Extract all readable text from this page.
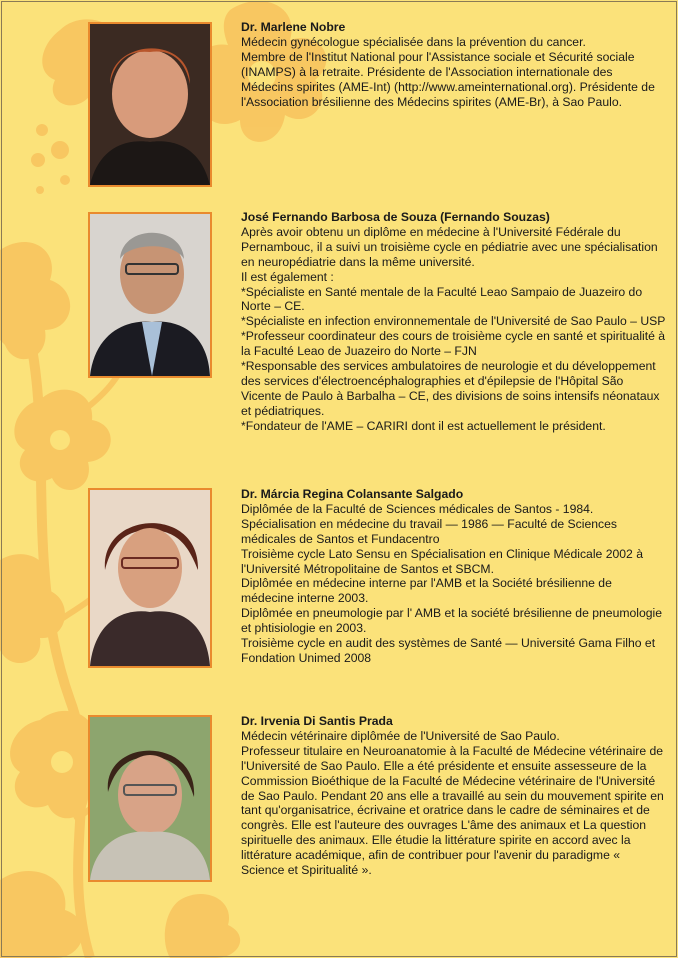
Dr. Marlene Nobre
Médecin gynécologue spécialisée dans la prévention du cancer.
Membre de l'Institut National pour l'Assistance sociale et Sécurité sociale (INAMPS) à la retraite. Présidente de l'Association internationale des Médecins spirites (AME-Int) (http://www.ameinternational.org). Présidente de l'Association brésilienne des Médecins spirites (AME-Br), à Sao Paulo.
José Fernando Barbosa de Souza (Fernando Souzas)
Après avoir obtenu un diplôme en médecine à l'Université Fédérale du Pernambouc, il a suivi un troisième cycle en pédiatrie avec une spécialisation en neuropédiatrie dans la même université.
Il est également :
*Spécialiste en Santé mentale de la Faculté Leao Sampaio de Juazeiro do Norte – CE.
*Spécialiste en infection environnementale de l'Université de Sao Paulo – USP
*Professeur coordinateur des cours de troisième cycle en santé et spiritualité à la Faculté Leao de Juazeiro do Norte – FJN
*Responsable des services ambulatoires de neurologie et du développement des services d'électroencéphalographies et d'épilepsie de l'Hôpital São Vicente de Paulo à Barbalha – CE, des divisions de soins intensifs néonataux et pédiatriques.
*Fondateur de l'AME – CARIRI dont il est actuellement le président.
Dr. Márcia Regina Colansante Salgado
Diplômée de la Faculté de Sciences médicales de Santos - 1984.
Spécialisation en médecine du travail — 1986 — Faculté de Sciences médicales de Santos et Fundacentro
Troisième cycle Lato Sensu en Spécialisation en Clinique Médicale 2002 à l'Université Métropolitaine de Santos et SBCM.
Diplômée en médecine interne par l'AMB et la Société brésilienne de médecine interne 2003.
Diplômée en pneumologie par l' AMB et la société brésilienne de pneumologie et phtisiologie en 2003.
Troisième cycle en audit des systèmes de Santé — Université Gama Filho et Fondation Unimed 2008
Dr. Irvenia Di Santis Prada
Médecin vétérinaire diplômée de l'Université de Sao Paulo.
Professeur titulaire en Neuroanatomie à la Faculté de Médecine vétérinaire de l'Université de Sao Paulo. Elle a été présidente et ensuite assesseure de la Commission Bioéthique de la Faculté de Médecine vétérinaire de l'Université de Sao Paulo. Pendant 20 ans elle a travaillé au sein du mouvement spirite en tant qu'organisatrice, écrivaine et oratrice dans le cadre de séminaires et de congrès. Elle est l'auteure des ouvrages L'âme des animaux et La question spirituelle des animaux. Elle étudie la littérature spirite en accord avec la littérature académique, afin de contribuer pour l'avenir du paradigme « Science et Spiritualité ».
